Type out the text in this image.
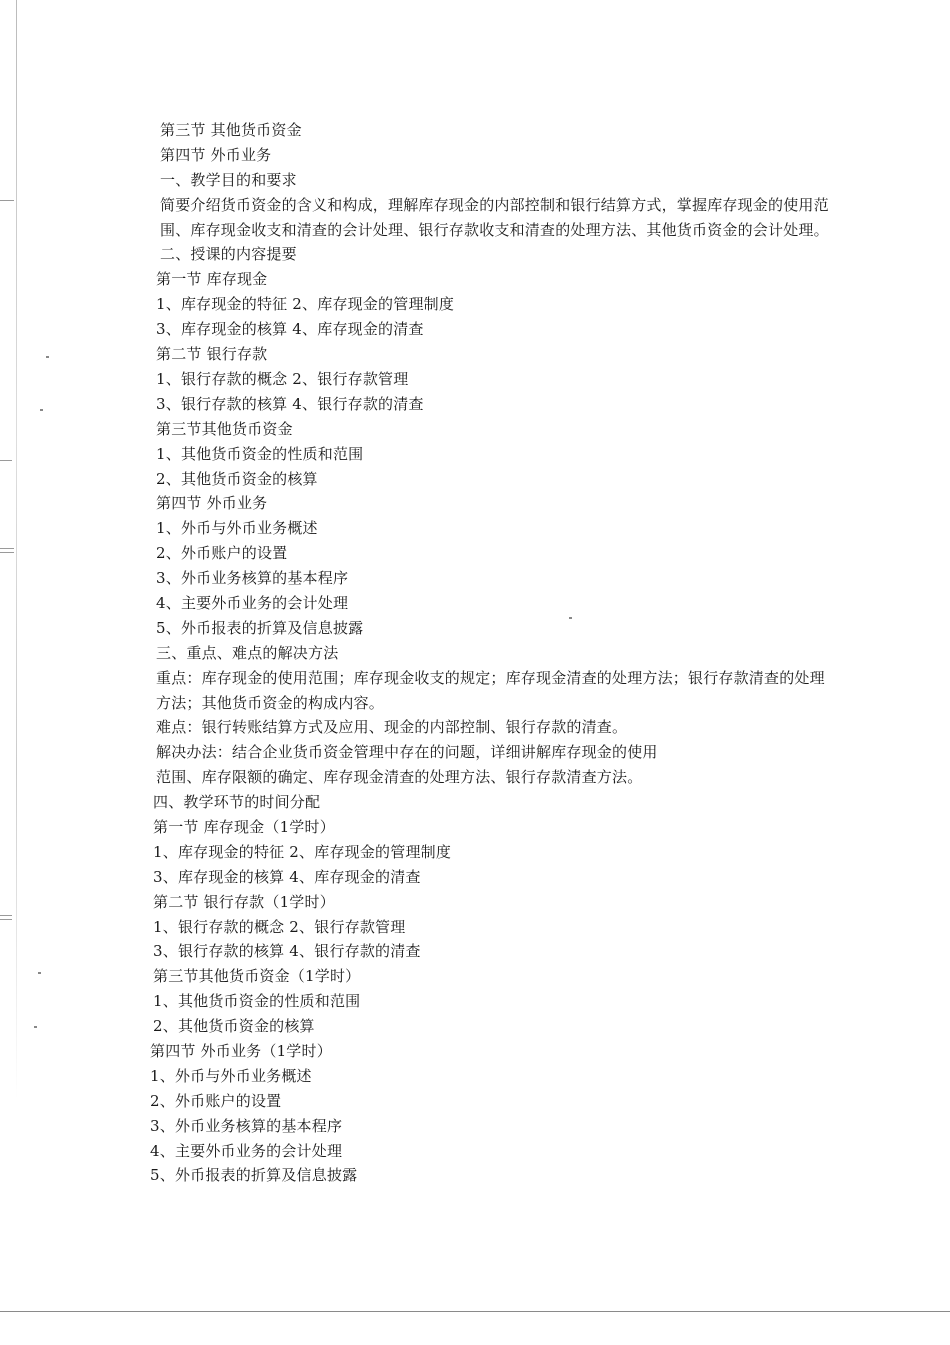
第三节 其他货币资金
第四节 外币业务
一、教学目的和要求
简要介绍货币资金的含义和构成，理解库存现金的内部控制和银行结算方式，掌握库存现金的使用范围、库存现金收支和清查的会计处理、银行存款收支和清查的处理方法、其他货币资金的会计处理。
二、授课的内容提要
第一节 库存现金
1、库存现金的特征 2、库存现金的管理制度
3、库存现金的核算 4、库存现金的清查
第二节 银行存款
1、银行存款的概念 2、银行存款管理
3、银行存款的核算 4、银行存款的清查
第三节其他货币资金
1、其他货币资金的性质和范围
2、其他货币资金的核算
第四节 外币业务
1、外币与外币业务概述
2、外币账户的设置
3、外币业务核算的基本程序
4、主要外币业务的会计处理
5、外币报表的折算及信息披露
三、重点、难点的解决方法
重点：库存现金的使用范围；库存现金收支的规定；库存现金清查的处理方法；银行存款清查的处理方法；其他货币资金的构成内容。
难点：银行转账结算方式及应用、现金的内部控制、银行存款的清查。
解决办法：结合企业货币资金管理中存在的问题，详细讲解库存现金的使用
范围、库存限额的确定、库存现金清查的处理方法、银行存款清查方法。
四、教学环节的时间分配
第一节 库存现金（1学时）
1、库存现金的特征 2、库存现金的管理制度
3、库存现金的核算 4、库存现金的清查
第二节 银行存款（1学时）
1、银行存款的概念 2、银行存款管理
3、银行存款的核算 4、银行存款的清查
第三节其他货币资金（1学时）
1、其他货币资金的性质和范围
2、其他货币资金的核算
第四节 外币业务（1学时）
1、外币与外币业务概述
2、外币账户的设置
3、外币业务核算的基本程序
4、主要外币业务的会计处理
5、外币报表的折算及信息披露
